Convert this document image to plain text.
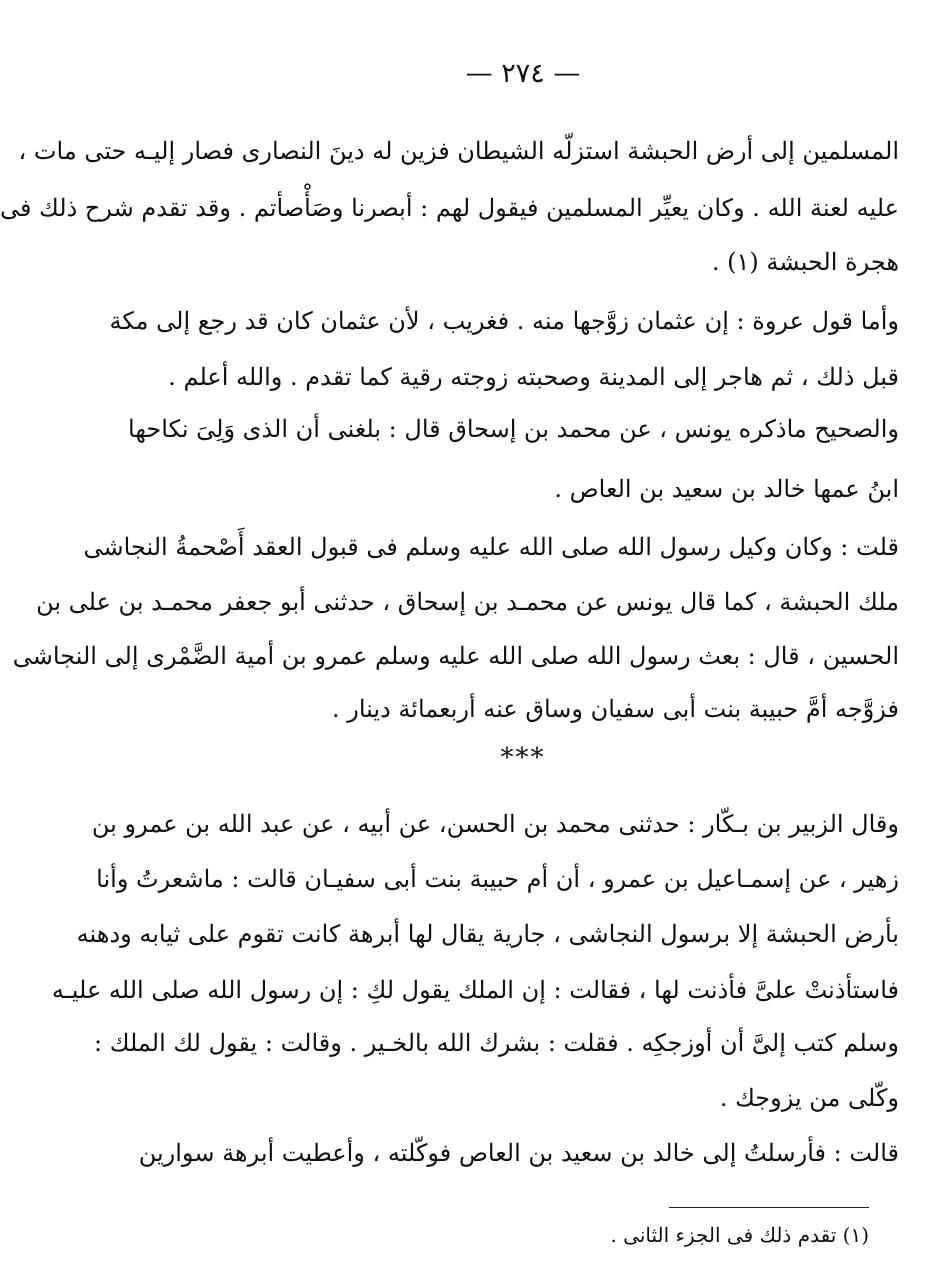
— ٢٧٤ —
المسلمين إلى أرض الحبشة استزلّه الشيطان فزين له دينَ النصارى فصار إليـه حتى مات ،
عليه لعنة الله . وكان يعيِّر المسلمين فيقول لهم : أبصرنا وصَأْصأتم . وقد تقدم شرح ذلك فى
هجرة الحبشة (١) .
وأما قول عروة : إن عثمان زوَّجها منه . فغريب ، لأن عثمان كان قد رجع إلى مكة
قبل ذلك ، ثم هاجر إلى المدينة وصحبته زوجته رقية كما تقدم . والله أعلم .
والصحيح ماذكره يونس ، عن محمد بن إسحاق قال : بلغنى أن الذى وَلِىَ نكاحها
ابنُ عمها خالد بن سعيد بن العاص .
قلت : وكان وكيل رسول الله صلى الله عليه وسلم فى قبول العقد أَصْحمةُ النجاشى
ملك الحبشة ، كما قال يونس عن محمـد بن إسحاق ، حدثنى أبو جعفر محمـد بن على بن
الحسين ، قال : بعث رسول الله صلى الله عليه وسلم عمرو بن أمية الضَّمْرى إلى النجاشى
فزوَّجه أمَّ حبيبة بنت أبى سفيان وساق عنه أربعمائة دينار .
***
وقال الزبير بن بـكّار : حدثنى محمد بن الحسن، عن أبيه ، عن عبد الله بن عمرو بن
زهير ، عن إسمـاعيل بن عمرو ، أن أم حبيبة بنت أبى سفيـان قالت : ماشعرتُ وأنا
بأرض الحبشة إلا برسول النجاشى ، جارية يقال لها أبرهة كانت تقوم على ثيابه ودهنه
فاستأذنتْ علىَّ فأذنت لها ، فقالت : إن الملك يقول لكِ : إن رسول الله صلى الله عليـه
وسلم كتب إلىَّ أن أوزجكِه . فقلت : بشرك الله بالخـير . وقالت : يقول لك الملك :
وكّلى من يزوجك .
قالت : فأرسلتُ إلى خالد بن سعيد بن العاص فوكّلته ، وأعطيت أبرهة سوارين
(١) تقدم ذلك فى الجزء الثانى .
